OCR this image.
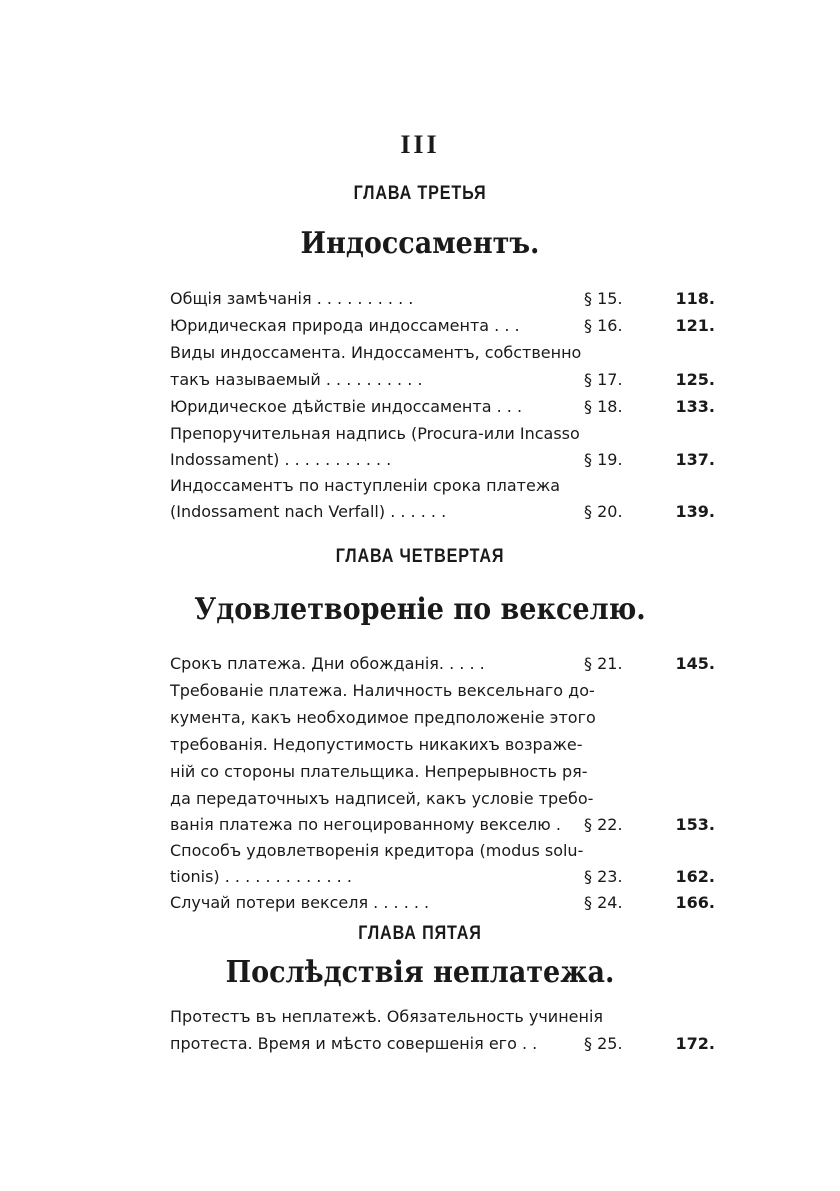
III
ГЛАВА ТРЕТЬЯ
Индоссаментъ.
Общія замѣчанія . . . . . . . . . .	§ 15.	118.
Юридическая природа индоссамента . . .	§ 16.	121.
Виды индоссамента. Индоссаментъ, собственно
такъ называемый . . . . . . . . . .	§ 17.	125.
Юридическое дѣйствіе индоссамента . . .	§ 18.	133.
Препоручительная надпись (Procura-или Incasso
Indossament) . . . . . . . . . . .	§ 19.	137.
Индоссаментъ по наступленіи срока платежа
(Indossament nach Verfall) . . . . . .	§ 20.	139.
ГЛАВА ЧЕТВЕРТАЯ
Удовлетвореніе по векселю.
Срокъ платежа. Дни обожданія. . . . .	§ 21.	145.
Требованіе платежа. Наличность вексельнаго до-
кумента, какъ необходимое предположеніе этого
требованія. Недопустимость никакихъ возраже-
ній со стороны плательщика. Непрерывность ря-
да передаточныхъ надписей, какъ условіе требо-
ванія платежа по негоцированному векселю . § 22.	153.
Способъ удовлетворенія кредитора (modus solu-
tionis) . . . . . . . . . . . . .	§ 23.	162.
Случай потери векселя . . . . . .	§ 24.	166.
ГЛАВА ПЯТАЯ
Послѣдствія неплатежа.
Протестъ въ неплатежѣ. Обязательность учиненія
протеста. Время и мѣсто совершенія его . .	§ 25.	172.
